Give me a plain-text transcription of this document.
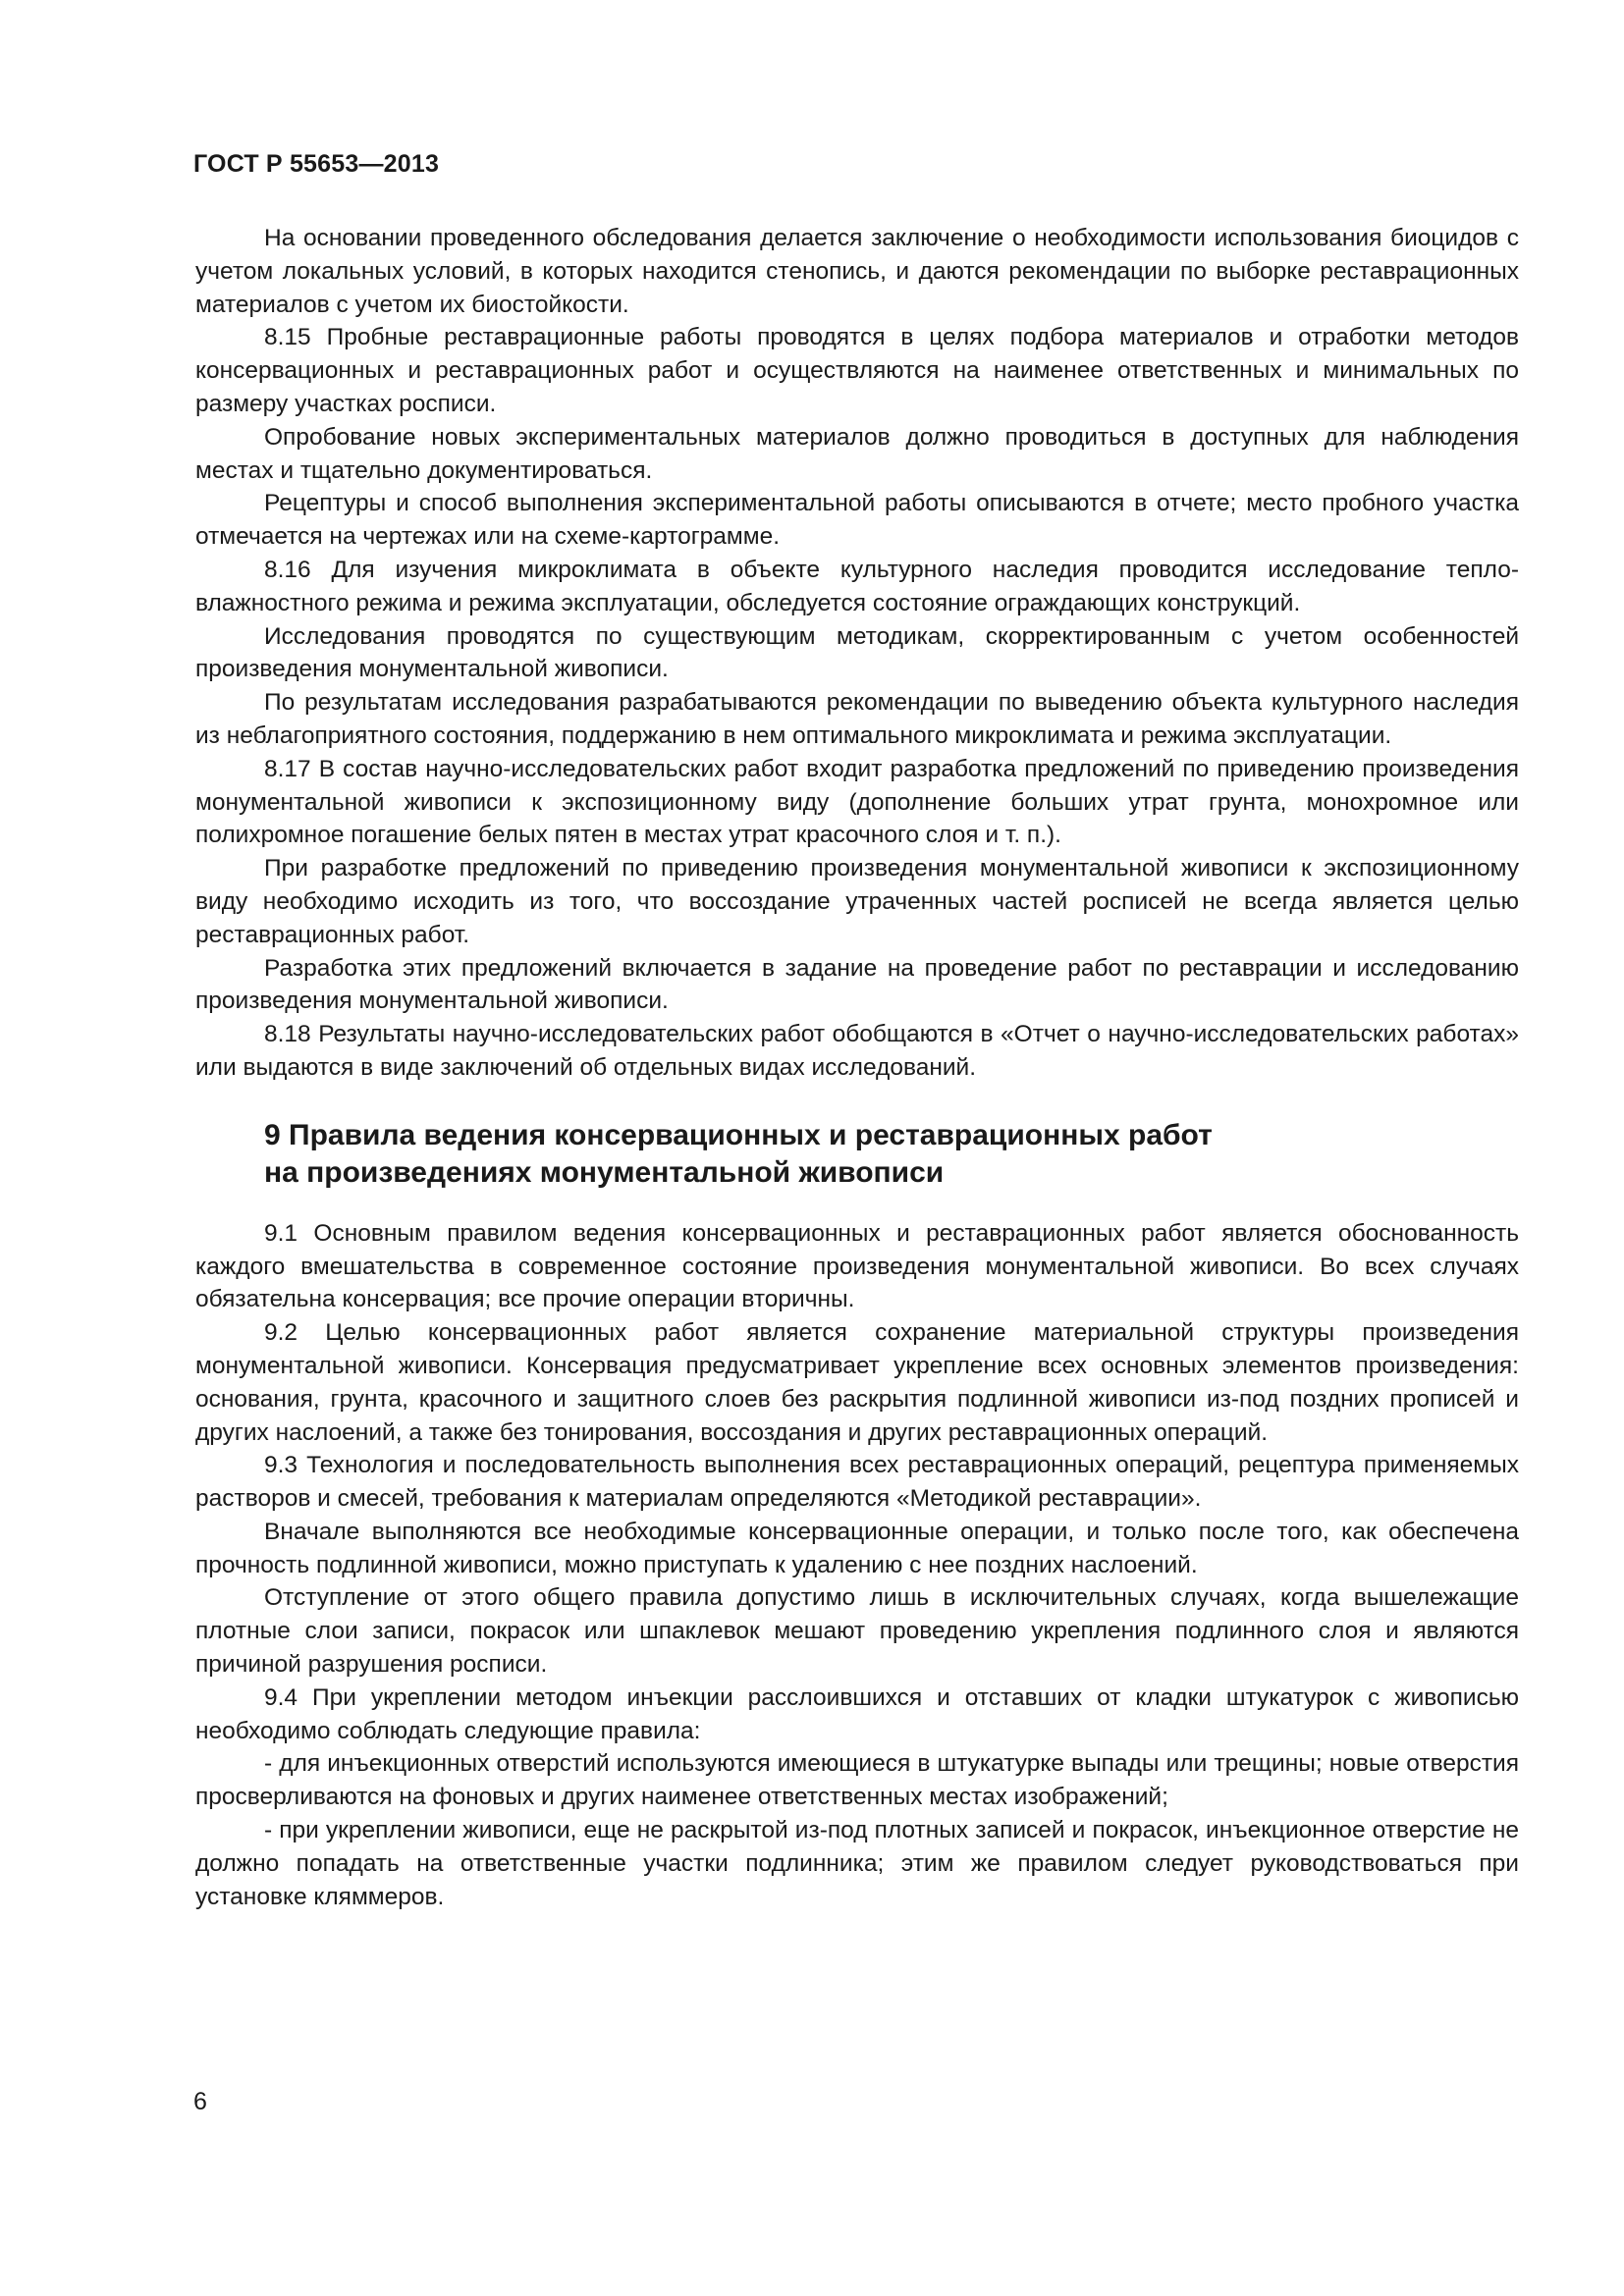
ГОСТ Р 55653—2013

На основании проведенного обследования делается заключение о необходимости использования биоцидов с учетом локальных условий, в которых находится стенопись, и даются рекомендации по выборке реставрационных материалов с учетом их биостойкости.

8.15 Пробные реставрационные работы проводятся в целях подбора материалов и отработки методов консервационных и реставрационных работ и осуществляются на наименее ответственных и минимальных по размеру участках росписи.

Опробование новых экспериментальных материалов должно проводиться в доступных для наблюдения местах и тщательно документироваться.

Рецептуры и способ выполнения экспериментальной работы описываются в отчете; место пробного участка отмечается на чертежах или на схеме-картограмме.

8.16 Для изучения микроклимата в объекте культурного наследия проводится исследование тепло-влажностного режима и режима эксплуатации, обследуется состояние ограждающих конструкций.

Исследования проводятся по существующим методикам, скорректированным с учетом особенностей произведения монументальной живописи.

По результатам исследования разрабатываются рекомендации по выведению объекта культурного наследия из неблагоприятного состояния, поддержанию в нем оптимального микроклимата и режима эксплуатации.

8.17 В состав научно-исследовательских работ входит разработка предложений по приведению произведения монументальной живописи к экспозиционному виду (дополнение больших утрат грунта, монохромное или полихромное погашение белых пятен в местах утрат красочного слоя и т. п.).

При разработке предложений по приведению произведения монументальной живописи к экспозиционному виду необходимо исходить из того, что воссоздание утраченных частей росписей не всегда является целью реставрационных работ.

Разработка этих предложений включается в задание на проведение работ по реставрации и исследованию произведения монументальной живописи.

8.18 Результаты научно-исследовательских работ обобщаются в «Отчет о научно-исследовательских работах» или выдаются в виде заключений об отдельных видах исследований.

9 Правила ведения консервационных и реставрационных работ
на произведениях монументальной живописи

9.1 Основным правилом ведения консервационных и реставрационных работ является обоснованность каждого вмешательства в современное состояние произведения монументальной живописи. Во всех случаях обязательна консервация; все прочие операции вторичны.

9.2 Целью консервационных работ является сохранение материальной структуры произведения монументальной живописи. Консервация предусматривает укрепление всех основных элементов произведения: основания, грунта, красочного и защитного слоев без раскрытия подлинной живописи из-под поздних прописей и других наслоений, а также без тонирования, воссоздания и других реставрационных операций.

9.3 Технология и последовательность выполнения всех реставрационных операций, рецептура применяемых растворов и смесей, требования к материалам определяются «Методикой реставрации».

Вначале выполняются все необходимые консервационные операции, и только после того, как обеспечена прочность подлинной живописи, можно приступать к удалению с нее поздних наслоений.

Отступление от этого общего правила допустимо лишь в исключительных случаях, когда вышележащие плотные слои записи, покрасок или шпаклевок мешают проведению укрепления подлинного слоя и являются причиной разрушения росписи.

9.4 При укреплении методом инъекции расслоившихся и отставших от кладки штукатурок с живописью необходимо соблюдать следующие правила:

- для инъекционных отверстий используются имеющиеся в штукатурке выпады или трещины; новые отверстия просверливаются на фоновых и других наименее ответственных местах изображений;

- при укреплении живописи, еще не раскрытой из-под плотных записей и покрасок, инъекционное отверстие не должно попадать на ответственные участки подлинника; этим же правилом следует руководствоваться при установке кляммеров.

6
